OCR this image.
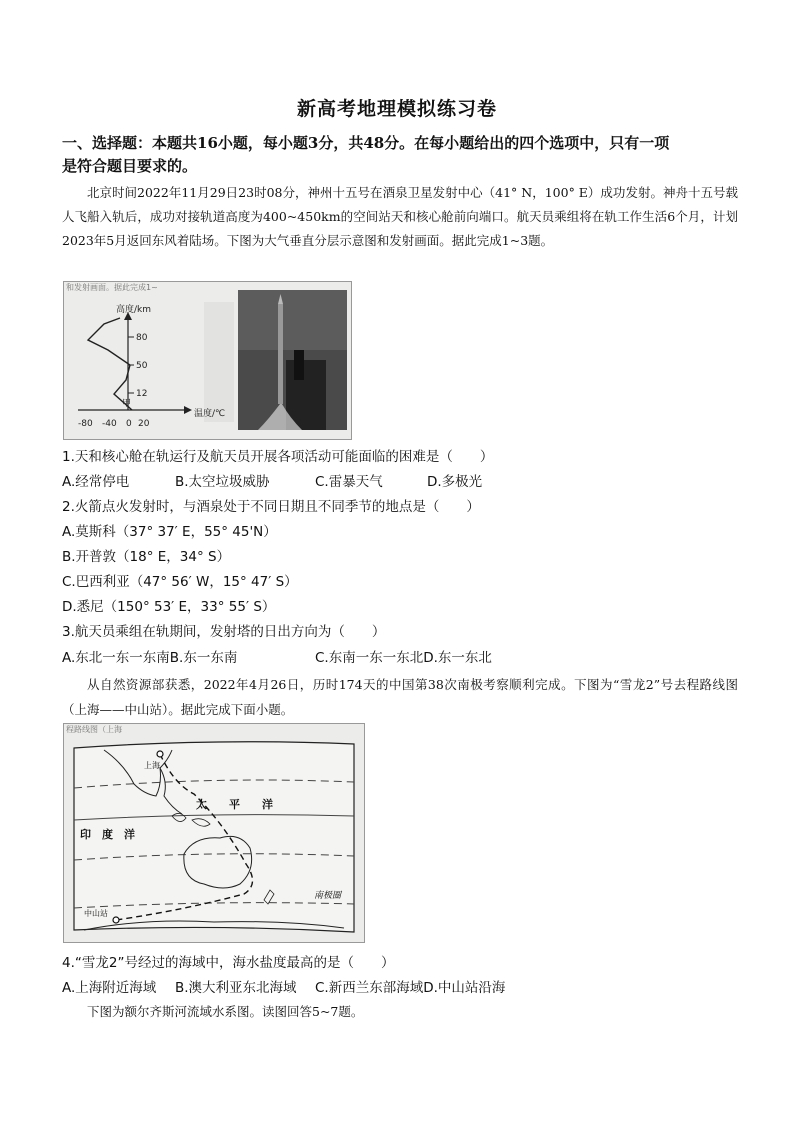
新高考地理模拟练习卷
一、选择题：本题共16小题，每小题3分，共48分。在每小题给出的四个选项中，只有一项
是符合题目要求的。
北京时间2022年11月29日23时08分，神州十五号在酒泉卫星发射中心（41° N，100° E）成功发射。神舟十五号载人飞船入轨后，成功对接轨道高度为400~450km的空间站天和核心舱前向端口。航天员乘组将在轨工作生活6个月，计划2023年5月返回东风着陆场。下图为大气垂直分层示意图和发射画面。据此完成1~3题。
和发射画面。据此完成1~
高度/km
80
50
12
温度/℃
-80 -40 0 20
甲
1.天和核心舱在轨运行及航天员开展各项活动可能面临的困难是（　　）
A.经常停电	B.太空垃圾威胁	C.雷暴天气	D.多极光
2.火箭点火发射时，与酒泉处于不同日期且不同季节的地点是（　　）
A.莫斯科（37° 37′ E，55° 45'N）
B.开普敦（18° E，34° S）
C.巴西利亚（47° 56′ W，15° 47′ S）
D.悉尼（150° 53′ E，33° 55′ S）
3.航天员乘组在轨期间，发射塔的日出方向为（　　）
A.东北一东一东南B.东一东南	C.东南一东一东北D.东一东北
从自然资源部获悉，2022年4月26日，历时174天的中国第38次南极考察顺利完成。下图为“雪龙2”号去程路线图（上海——中山站）。据此完成下面小题。
程路线图（上海
上海
太　　平　　洋
印　度　洋
中山站
南极圈
4.“雪龙2”号经过的海域中，海水盐度最高的是（　　）
A.上海附近海域 B.澳大利亚东北海域 C.新西兰东部海域D.中山站沿海
下图为额尔齐斯河流域水系图。读图回答5~7题。
